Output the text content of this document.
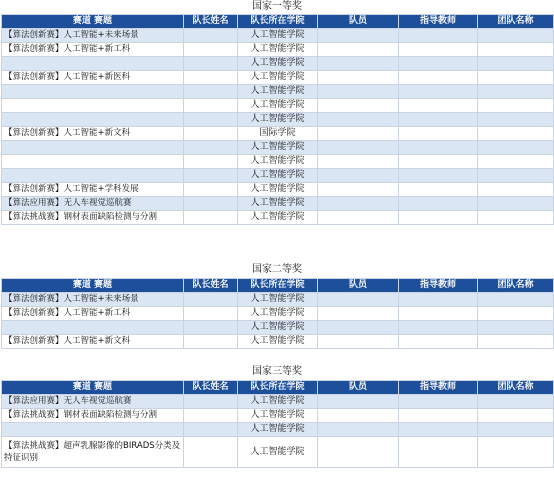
国家一等奖
赛道 赛题	队长姓名	队长所在学院	队员	指导教师	团队名称
【算法创新赛】人工智能+未来场景		人工智能学院			
【算法创新赛】人工智能+新工科		人工智能学院			
		人工智能学院			
【算法创新赛】人工智能+新医科		人工智能学院			
		人工智能学院			
		人工智能学院			
		人工智能学院			
【算法创新赛】人工智能+新文科		国际学院			
		人工智能学院			
		人工智能学院			
		人工智能学院			
【算法创新赛】人工智能+学科发展		人工智能学院			
【算法应用赛】无人车视觉巡航赛		人工智能学院			
【算法挑战赛】钢材表面缺陷检测与分割		人工智能学院			
国家二等奖
赛道 赛题	队长姓名	队长所在学院	队员	指导教师	团队名称
【算法创新赛】人工智能+未来场景		人工智能学院			
【算法创新赛】人工智能+新工科		人工智能学院			
		人工智能学院			
【算法创新赛】人工智能+新文科		人工智能学院			
国家三等奖
赛道 赛题	队长姓名	队长所在学院	队员	指导教师	团队名称
【算法应用赛】无人车视觉巡航赛		人工智能学院			
【算法挑战赛】钢材表面缺陷检测与分割		人工智能学院			
		人工智能学院			
【算法挑战赛】超声乳腺影像的BIRADS分类及特征识别		人工智能学院			
